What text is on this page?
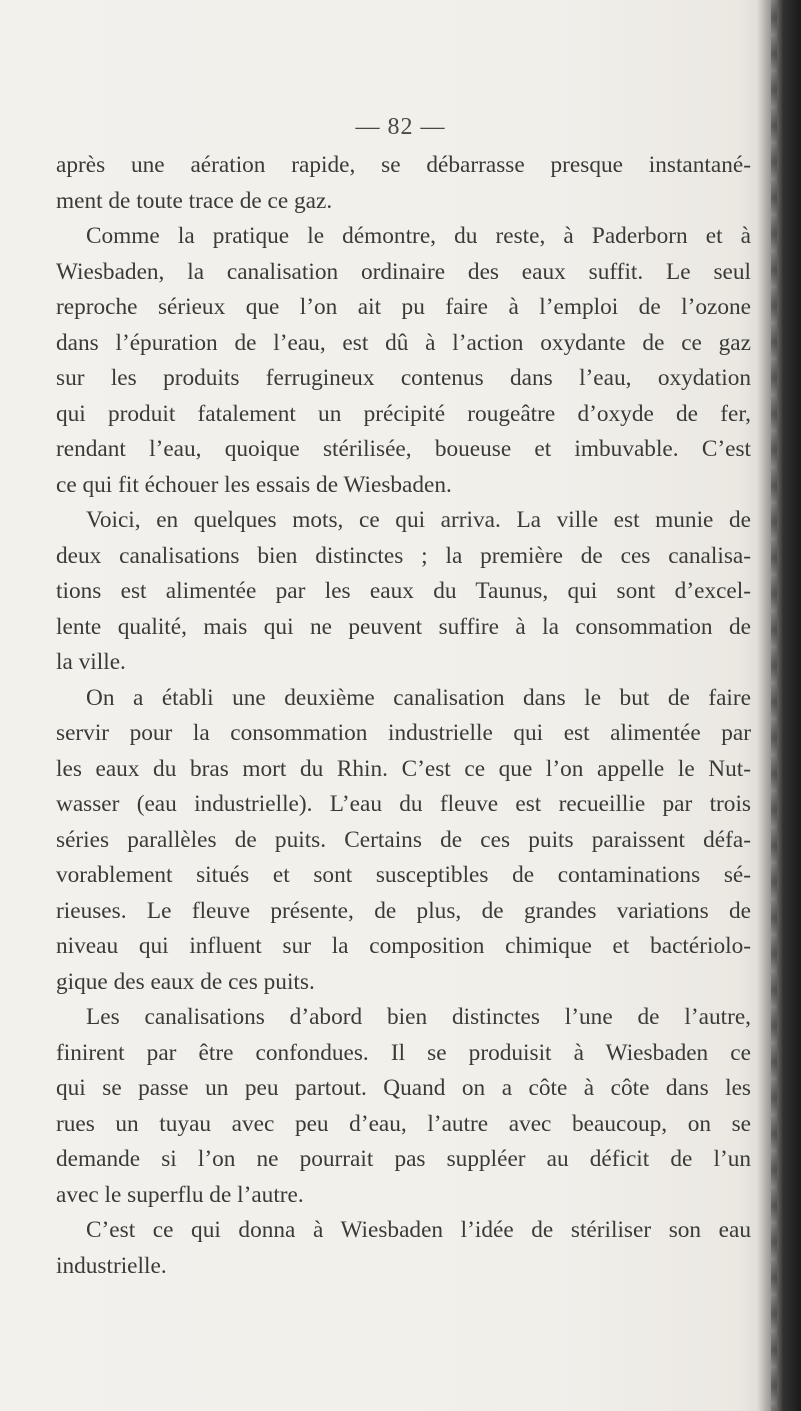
— 82 —
après une aération rapide, se débarrasse presque instantané-
ment de toute trace de ce gaz.
Comme la pratique le démontre, du reste, à Paderborn et à
Wiesbaden, la canalisation ordinaire des eaux suffit. Le seul
reproche sérieux que l’on ait pu faire à l’emploi de l’ozone
dans l’épuration de l’eau, est dû à l’action oxydante de ce gaz
sur les produits ferrugineux contenus dans l’eau, oxydation
qui produit fatalement un précipité rougeâtre d’oxyde de fer,
rendant l’eau, quoique stérilisée, boueuse et imbuvable. C’est
ce qui fit échouer les essais de Wiesbaden.
Voici, en quelques mots, ce qui arriva. La ville est munie de
deux canalisations bien distinctes ; la première de ces canalisa-
tions est alimentée par les eaux du Taunus, qui sont d’excel-
lente qualité, mais qui ne peuvent suffire à la consommation de
la ville.
On a établi une deuxième canalisation dans le but de faire
servir pour la consommation industrielle qui est alimentée par
les eaux du bras mort du Rhin. C’est ce que l’on appelle le Nut-
wasser (eau industrielle). L’eau du fleuve est recueillie par trois
séries parallèles de puits. Certains de ces puits paraissent défa-
vorablement situés et sont susceptibles de contaminations sé-
rieuses. Le fleuve présente, de plus, de grandes variations de
niveau qui influent sur la composition chimique et bactériolo-
gique des eaux de ces puits.
Les canalisations d’abord bien distinctes l’une de l’autre,
finirent par être confondues. Il se produisit à Wiesbaden ce
qui se passe un peu partout. Quand on a côte à côte dans les
rues un tuyau avec peu d’eau, l’autre avec beaucoup, on se
demande si l’on ne pourrait pas suppléer au déficit de l’un
avec le superflu de l’autre.
C’est ce qui donna à Wiesbaden l’idée de stériliser son eau
industrielle.
